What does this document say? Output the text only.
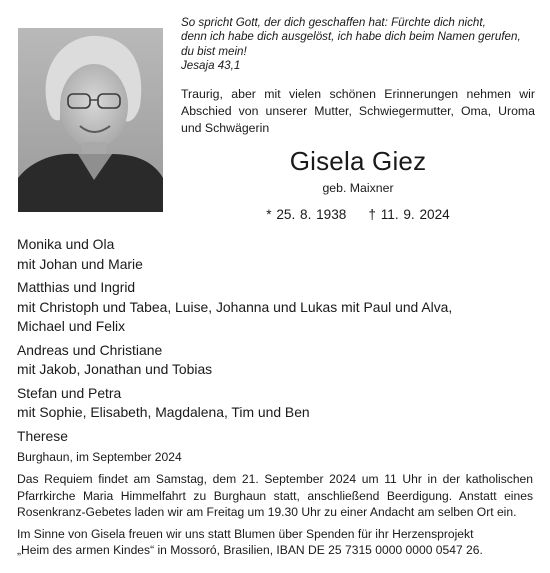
So spricht Gott, der dich geschaffen hat: Fürchte dich nicht,
denn ich habe dich ausgelöst, ich habe dich beim Namen gerufen,
du bist mein!
Jesaja 43,1
Traurig, aber mit vielen schönen Erinnerungen nehmen wir Abschied von unserer Mutter, Schwiegermutter, Oma, Uroma und Schwägerin
Gisela Giez
geb. Maixner
* 25. 8. 1938 † 11. 9. 2024
Monika und Ola
mit Johan und Marie
Matthias und Ingrid
mit Christoph und Tabea, Luise, Johanna und Lukas mit Paul und Alva,
Michael und Felix
Andreas und Christiane
mit Jakob, Jonathan und Tobias
Stefan und Petra
mit Sophie, Elisabeth, Magdalena, Tim und Ben
Therese
Burghaun, im September 2024
Das Requiem findet am Samstag, dem 21. September 2024 um 11 Uhr in der katholischen Pfarrkirche Maria Himmelfahrt zu Burghaun statt, anschließend Beerdigung. Anstatt eines Rosenkranz-Gebetes laden wir am Freitag um 19.30 Uhr zu einer Andacht am selben Ort ein.
Im Sinne von Gisela freuen wir uns statt Blumen über Spenden für ihr Herzensprojekt
„Heim des armen Kindes“ in Mossoró, Brasilien, IBAN DE 25 7315 0000 0000 0547 26.
